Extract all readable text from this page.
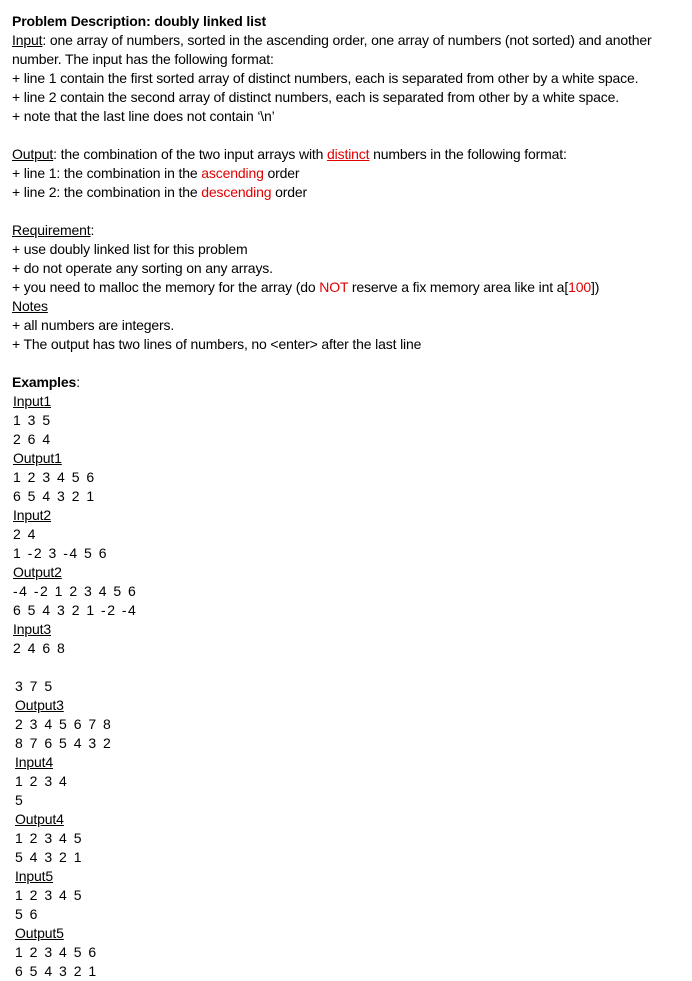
Problem Description: doubly linked list
Input: one array of numbers, sorted in the ascending order, one array of numbers (not sorted) and another
number. The input has the following format:
+ line 1 contain the first sorted array of distinct numbers, each is separated from other by a white space.
+ line 2 contain the second array of distinct numbers, each is separated from other by a white space.
+ note that the last line does not contain ‘\n’
Output: the combination of the two input arrays with distinct numbers in the following format:
+ line 1: the combination in the ascending order
+ line 2: the combination in the descending order
Requirement:
+ use doubly linked list for this problem
+ do not operate any sorting on any arrays.
+ you need to malloc the memory for the array (do NOT reserve a fix memory area like int a[100])
Notes
+ all numbers are integers.
+ The output has two lines of numbers, no <enter> after the last line
Examples:
Input1
1 3 5
2 6 4
Output1
1 2 3 4 5 6
6 5 4 3 2 1
Input2
2 4
1 -2 3 -4 5 6
Output2
-4 -2 1 2 3 4 5 6
6 5 4 3 2 1 -2 -4
Input3
2 4 6 8
3 7 5
Output3
2 3 4 5 6 7 8
8 7 6 5 4 3 2
Input4
1 2 3 4
5
Output4
1 2 3 4 5
5 4 3 2 1
Input5
1 2 3 4 5
5 6
Output5
1 2 3 4 5 6
6 5 4 3 2 1
